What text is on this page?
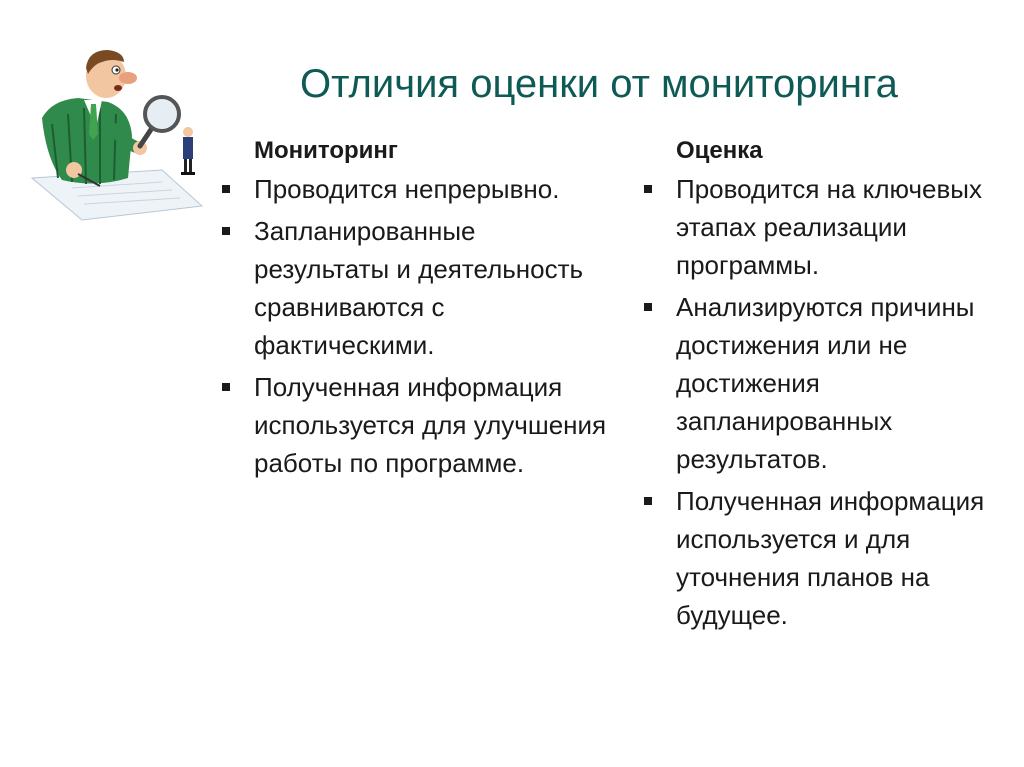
Отличия оценки от мониторинга
Мониторинг
Проводится непрерывно.
Запланированные результаты и деятельность сравниваются с фактическими.
Полученная информация используется для улучшения работы по программе.
Оценка
Проводится на ключевых этапах реализации программы.
Анализируются причины достижения или не достижения запланированных результатов.
Полученная информация используется и для уточнения планов на будущее.
